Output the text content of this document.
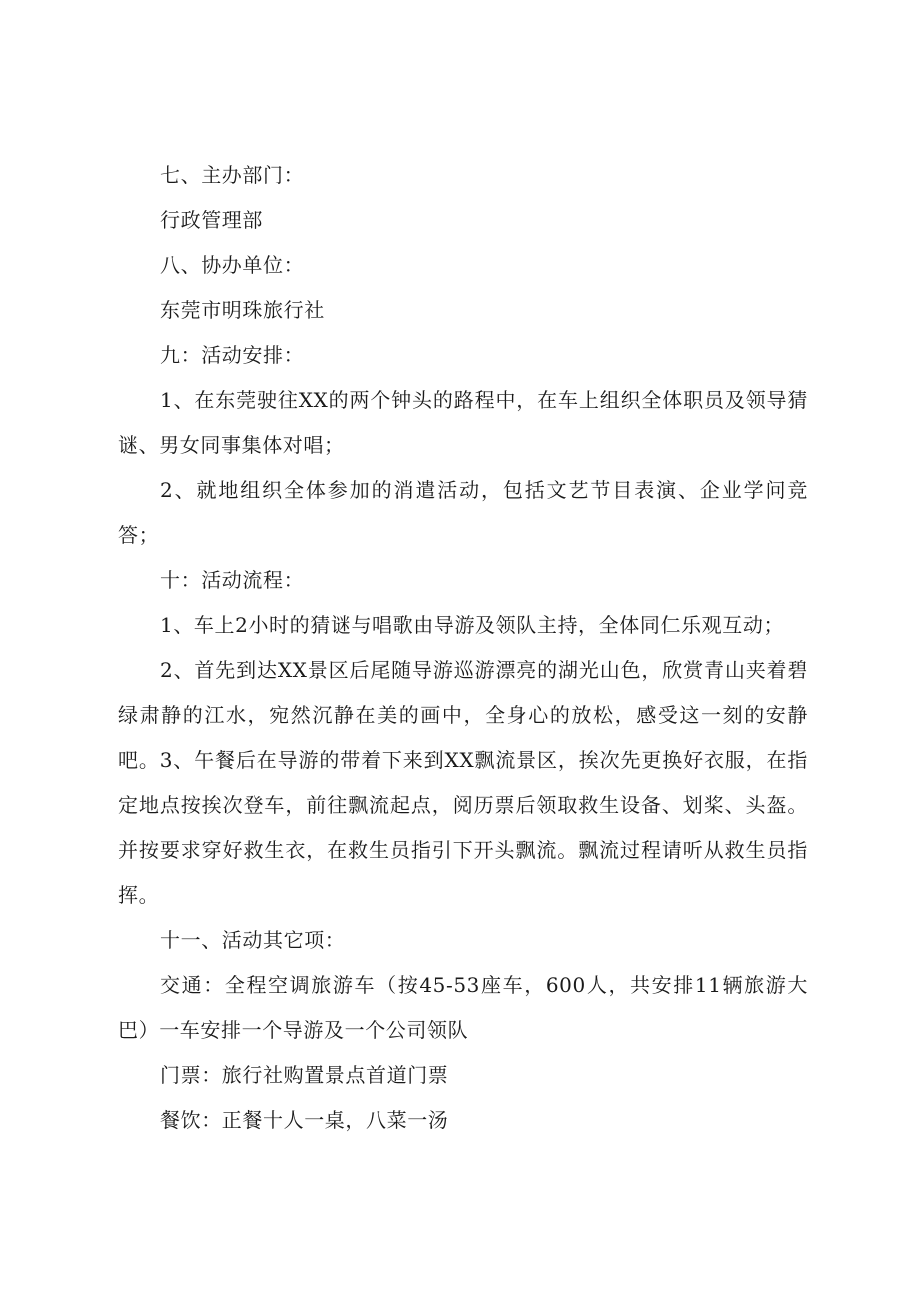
七、主办部门：

行政管理部

八、协办单位：

东莞市明珠旅行社

九：活动安排：

1、在东莞驶往XX的两个钟头的路程中，在车上组织全体职员及领导猜谜、男女同事集体对唱；

2、就地组织全体参加的消遣活动，包括文艺节目表演、企业学问竞答；

十：活动流程：

1、车上2小时的猜谜与唱歌由导游及领队主持，全体同仁乐观互动；

2、首先到达XX景区后尾随导游巡游漂亮的湖光山色，欣赏青山夹着碧绿肃静的江水，宛然沉静在美的画中，全身心的放松，感受这一刻的安静吧。3、午餐后在导游的带着下来到XX飘流景区，挨次先更换好衣服，在指定地点按挨次登车，前往飘流起点，阅历票后领取救生设备、划桨、头盔。并按要求穿好救生衣，在救生员指引下开头飘流。飘流过程请听从救生员指挥。

十一、活动其它项：

交通：全程空调旅游车（按45-53座车，600人，共安排11辆旅游大巴）一车安排一个导游及一个公司领队

门票：旅行社购置景点首道门票

餐饮：正餐十人一桌，八菜一汤
